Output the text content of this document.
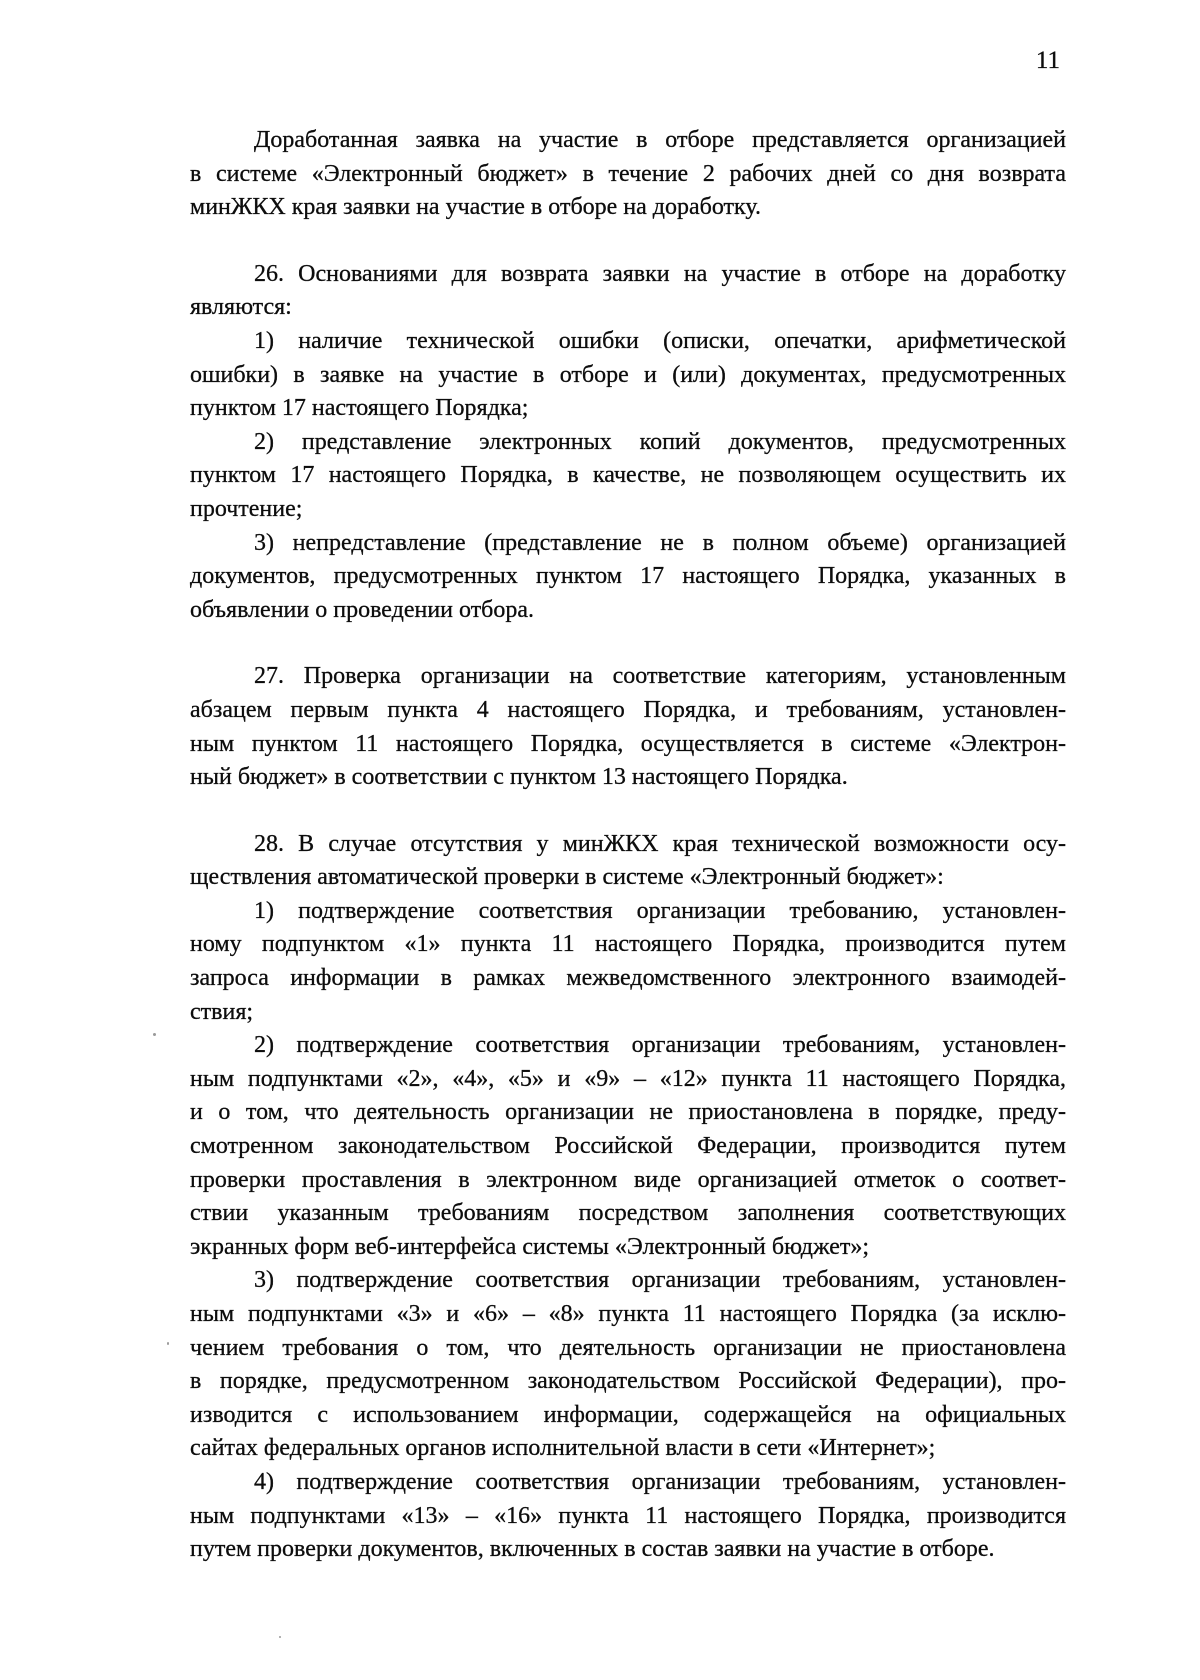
11
Доработанная заявка на участие в отборе представляется организацией
в системе «Электронный бюджет» в течение 2 рабочих дней со дня возврата
минЖКХ края заявки на участие в отборе на доработку.
26. Основаниями для возврата заявки на участие в отборе на доработку
являются:
1) наличие технической ошибки (описки, опечатки, арифметической
ошибки) в заявке на участие в отборе и (или) документах, предусмотренных
пунктом 17 настоящего Порядка;
2) представление электронных копий документов, предусмотренных
пунктом 17 настоящего Порядка, в качестве, не позволяющем осуществить их
прочтение;
3) непредставление (представление не в полном объеме) организацией
документов, предусмотренных пунктом 17 настоящего Порядка, указанных в
объявлении о проведении отбора.
27. Проверка организации на соответствие категориям, установленным
абзацем первым пункта 4 настоящего Порядка, и требованиям, установлен-
ным пунктом 11 настоящего Порядка, осуществляется в системе «Электрон-
ный бюджет» в соответствии с пунктом 13 настоящего Порядка.
28. В случае отсутствия у минЖКХ края технической возможности осу-
ществления автоматической проверки в системе «Электронный бюджет»:
1) подтверждение соответствия организации требованию, установлен-
ному подпунктом «1» пункта 11 настоящего Порядка, производится путем
запроса информации в рамках межведомственного электронного взаимодей-
ствия;
2) подтверждение соответствия организации требованиям, установлен-
ным подпунктами «2», «4», «5» и «9» – «12» пункта 11 настоящего Порядка,
и о том, что деятельность организации не приостановлена в порядке, преду-
смотренном законодательством Российской Федерации, производится путем
проверки проставления в электронном виде организацией отметок о соответ-
ствии указанным требованиям посредством заполнения соответствующих
экранных форм веб-интерфейса системы «Электронный бюджет»;
3) подтверждение соответствия организации требованиям, установлен-
ным подпунктами «3» и «6» – «8» пункта 11 настоящего Порядка (за исклю-
чением требования о том, что деятельность организации не приостановлена
в порядке, предусмотренном законодательством Российской Федерации), про-
изводится с использованием информации, содержащейся на официальных
сайтах федеральных органов исполнительной власти в сети «Интернет»;
4) подтверждение соответствия организации требованиям, установлен-
ным подпунктами «13» – «16» пункта 11 настоящего Порядка, производится
путем проверки документов, включенных в состав заявки на участие в отборе.
